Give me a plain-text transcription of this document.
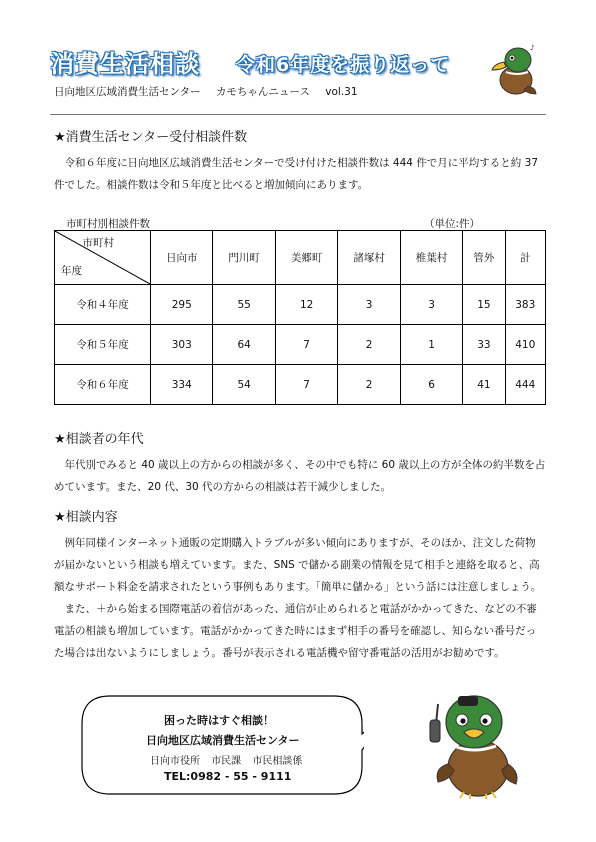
消費生活相談 令和6年度を振り返って
日向地区広域消費生活センター カモちゃんニュース vol.31
♪
★消費生活センター受付相談件数

令和６年度に日向地区広域消費生活センターで受け付けた相談件数は 444 件で月に平均すると約 37 件でした。相談件数は令和５年度と比べると増加傾向にあります。

市町村別相談件数	（単位:件）
市町村
年度	日向市	門川町	美郷町	諸塚村	椎葉村	管外	計
令和４年度	295	55	12	3	3	15	383
令和５年度	303	64	7	2	1	33	410
令和６年度	334	54	7	2	6	41	444
★相談者の年代

年代別でみると 40 歳以上の方からの相談が多く、その中でも特に 60 歳以上の方が全体の約半数を占めています。また、20 代、30 代の方からの相談は若干減少しました。

★相談内容

例年同様インターネット通販の定期購入トラブルが多い傾向にありますが、そのほか、注文した荷物が届かないという相談も増えています。また、SNS で儲かる副業の情報を見て相手と連絡を取ると、高額なサポート料金を請求されたという事例もあります。「簡単に儲かる」という話には注意しましょう。

また、＋から始まる国際電話の着信があった、通信が止められると電話がかかってきた、などの不審電話の相談も増加しています。電話がかかってきた時にはまず相手の番号を確認し、知らない番号だった場合は出ないようにしましょう。番号が表示される電話機や留守番電話の活用がお勧めです。

困った時はすぐ相談！
日向地区広域消費生活センター
日向市役所 市民課 市民相談係
TEL:0982 - 55 - 9111
